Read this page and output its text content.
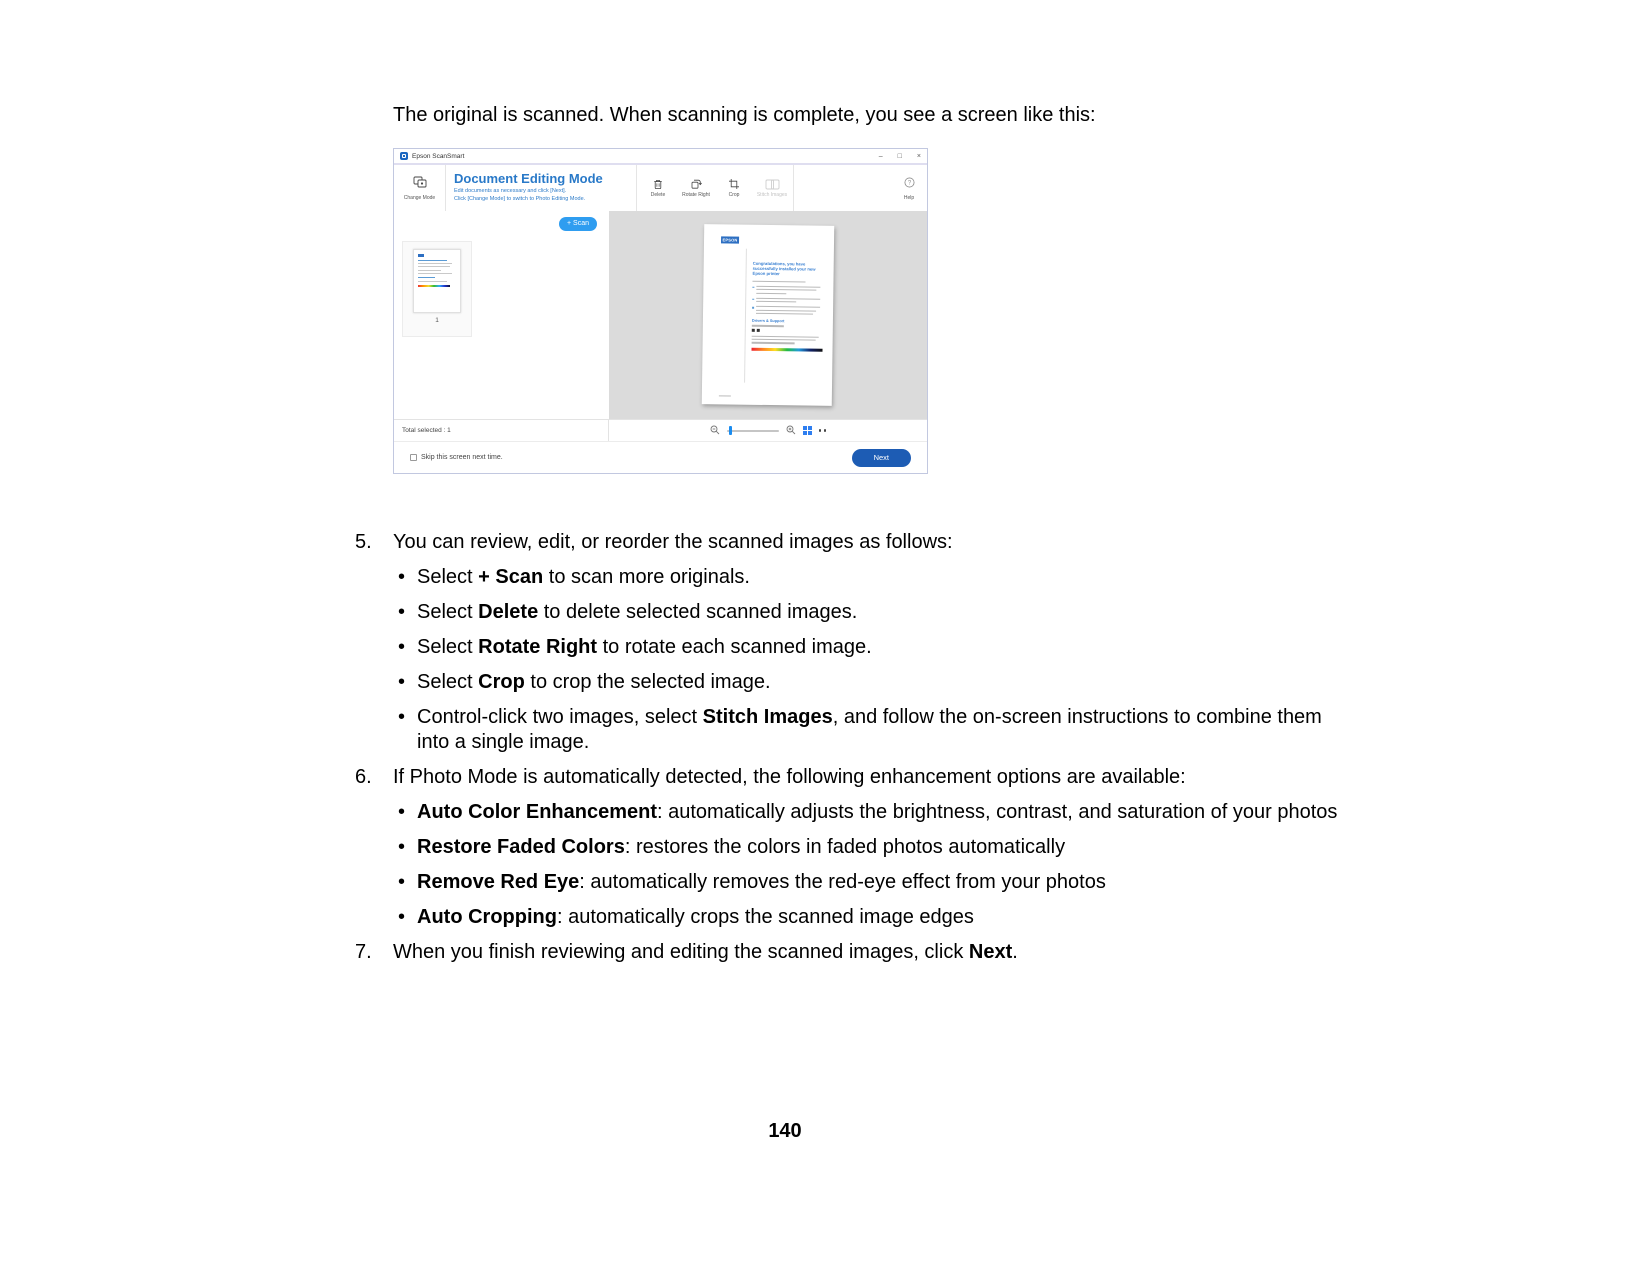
The original is scanned. When scanning is complete, you see a screen like this:

Epson ScanSmart	– □ ×
Change Mode
Document Editing Mode
Edit documents as necessary and click [Next].
Click [Change Mode] to switch to Photo Editing Mode.
Delete	Rotate Right	Crop	Stitch Images
?
Help
+ Scan
1
EPSON
Congratulations, you have successfully installed your new Epson printer
Drivers & Support
Total selected : 1
Skip this screen next time.	Next
5.	You can review, edit, or reorder the scanned images as follows:
• Select + Scan to scan more originals.
• Select Delete to delete selected scanned images.
• Select Rotate Right to rotate each scanned image.
• Select Crop to crop the selected image.
• Control-click two images, select Stitch Images, and follow the on-screen instructions to combine them into a single image.
6.	If Photo Mode is automatically detected, the following enhancement options are available:
• Auto Color Enhancement: automatically adjusts the brightness, contrast, and saturation of your photos
• Restore Faded Colors: restores the colors in faded photos automatically
• Remove Red Eye: automatically removes the red-eye effect from your photos
• Auto Cropping: automatically crops the scanned image edges
7.	When you finish reviewing and editing the scanned images, click Next.
140
